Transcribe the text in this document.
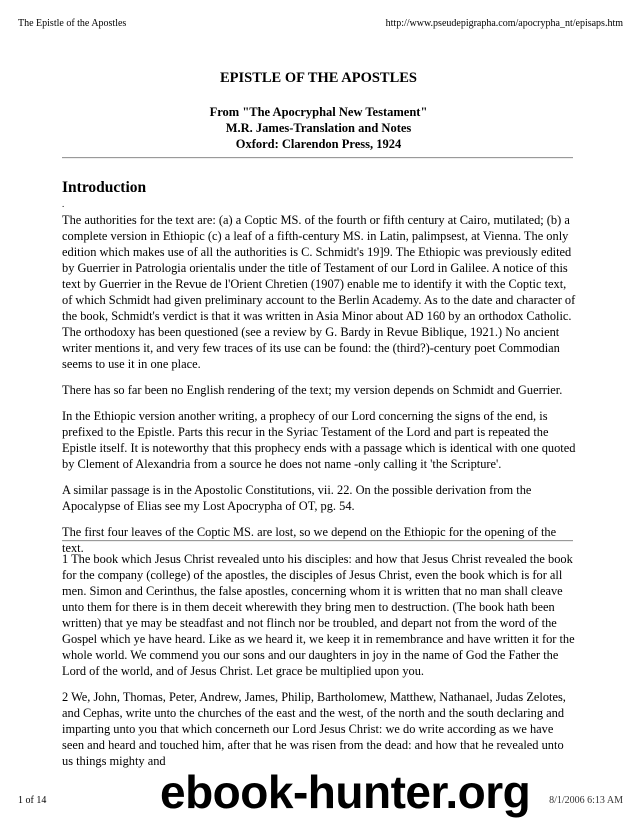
The Epistle of the Apostles	http://www.pseudepigrapha.com/apocrypha_nt/episaps.htm
EPISTLE OF THE APOSTLES
From "The Apocryphal New Testament"
M.R. James-Translation and Notes
Oxford: Clarendon Press, 1924
Introduction
.

The authorities for the text are: (a) a Coptic MS. of the fourth or fifth century at Cairo, mutilated; (b) a complete version in Ethiopic (c) a leaf of a fifth-century MS. in Latin, palimpsest, at Vienna. The only edition which makes use of all the authorities is C. Schmidt's 19]9. The Ethiopic was previously edited by Guerrier in Patrologia orientalis under the title of Testament of our Lord in Galilee. A notice of this text by Guerrier in the Revue de l'Orient Chretien (1907) enable me to identify it with the Coptic text, of which Schmidt had given preliminary account to the Berlin Academy. As to the date and character of the book, Schmidt's verdict is that it was written in Asia Minor about AD 160 by an orthodox Catholic. The orthodoxy has been questioned (see a review by G. Bardy in Revue Biblique, 1921.) No ancient writer mentions it, and very few traces of its use can be found: the (third?)-century poet Commodian seems to use it in one place.

There has so far been no English rendering of the text; my version depends on Schmidt and Guerrier.

In the Ethiopic version another writing, a prophecy of our Lord concerning the signs of the end, is prefixed to the Epistle. Parts this recur in the Syriac Testament of the Lord and part is repeated the Epistle itself. It is noteworthy that this prophecy ends with a passage which is identical with one quoted by Clement of Alexandria from a source he does not name -only calling it 'the Scripture'.

A similar passage is in the Apostolic Constitutions, vii. 22. On the possible derivation from the Apocalypse of Elias see my Lost Apocrypha of OT, pg. 54.

The first four leaves of the Coptic MS. are lost, so we depend on the Ethiopic for the opening of the text.

1 The book which Jesus Christ revealed unto his disciples: and how that Jesus Christ revealed the book for the company (college) of the apostles, the disciples of Jesus Christ, even the book which is for all men. Simon and Cerinthus, the false apostles, concerning whom it is written that no man shall cleave unto them for there is in them deceit wherewith they bring men to destruction. (The book hath been written) that ye may be steadfast and not flinch nor be troubled, and depart not from the word of the Gospel which ye have heard. Like as we heard it, we keep it in remembrance and have written it for the whole world. We commend you our sons and our daughters in joy in the name of God the Father the Lord of the world, and of Jesus Christ. Let grace be multiplied upon you.

2 We, John, Thomas, Peter, Andrew, James, Philip, Bartholomew, Matthew, Nathanael, Judas Zelotes, and Cephas, write unto the churches of the east and the west, of the north and the south declaring and imparting unto you that which concerneth our Lord Jesus Christ: we do write according as we have seen and heard and touched him, after that he was risen from the dead: and how that he revealed unto us things mighty and

1 of 14	8/1/2006 6:13 AM
ebook-hunter.org
